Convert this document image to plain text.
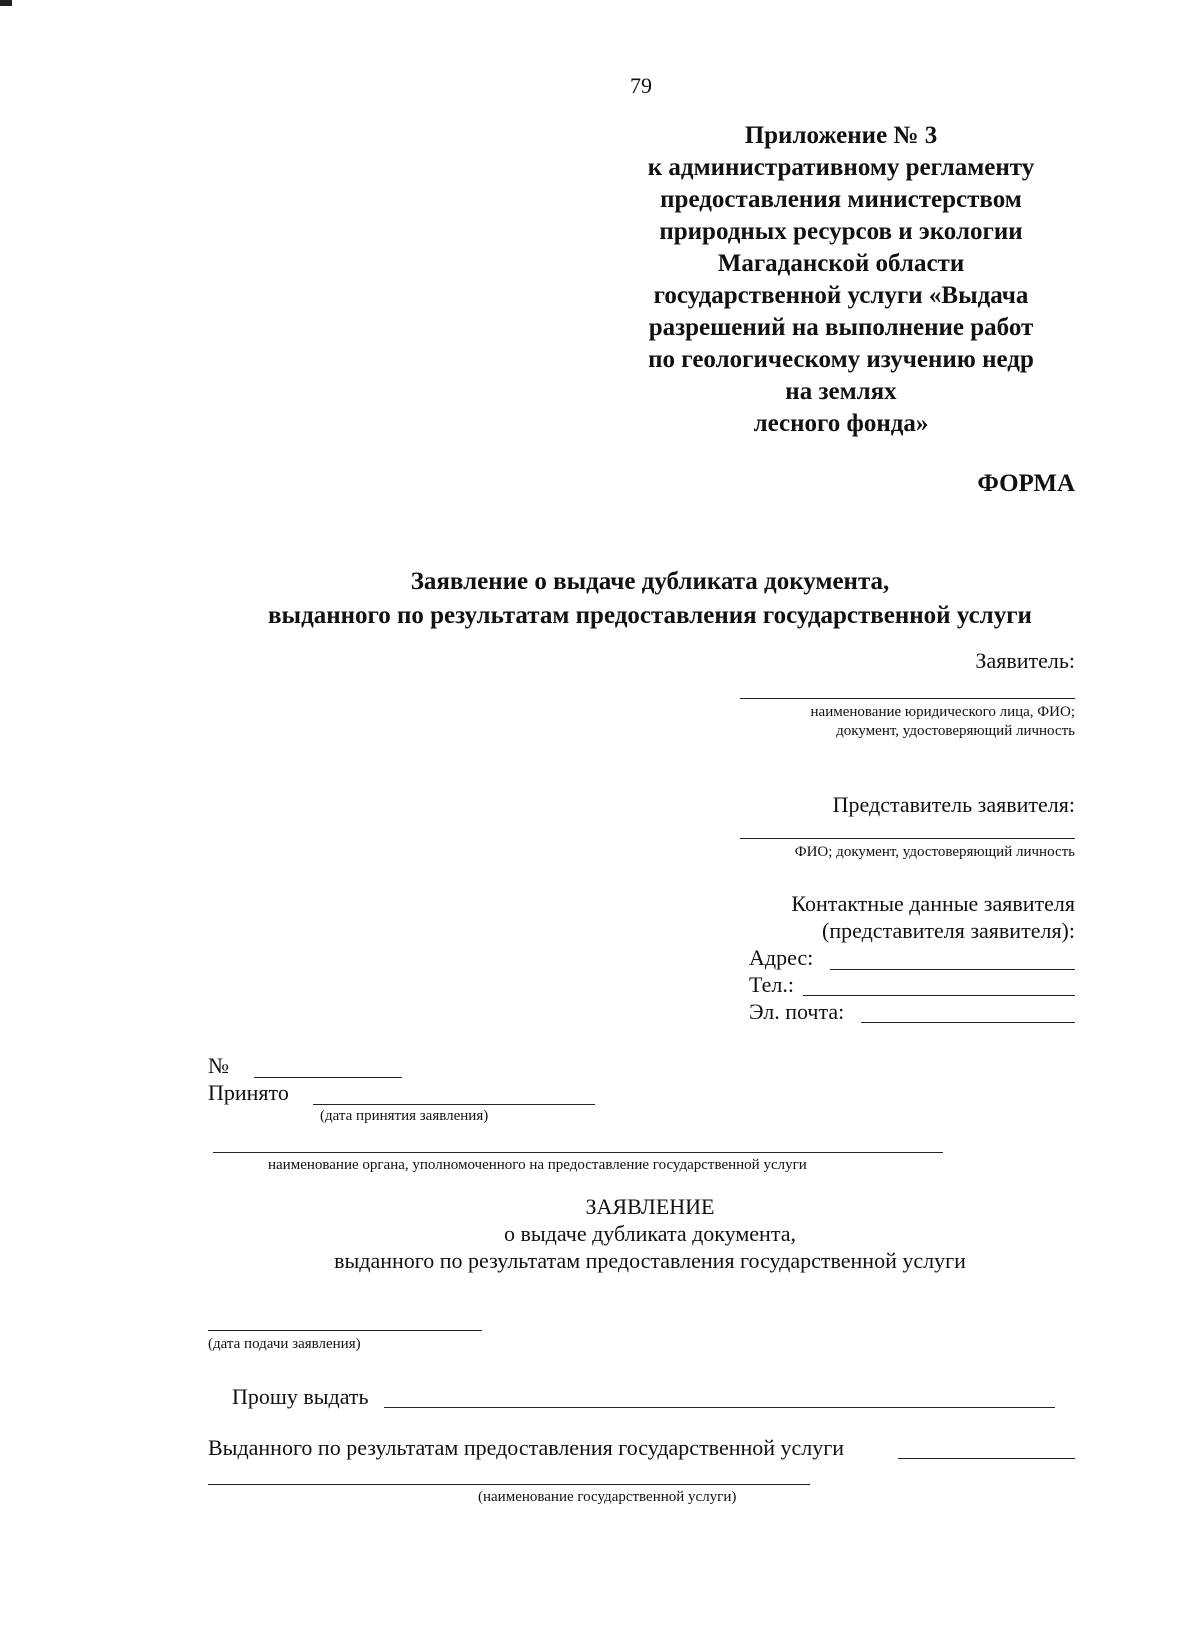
79
Приложение № 3
к административному регламенту
предоставления министерством
природных ресурсов и экологии
Магаданской области
государственной услуги «Выдача
разрешений на выполнение работ
по геологическому изучению недр
на землях
лесного фонда»
ФОРМА
Заявление о выдаче дубликата документа,
выданного по результатам предоставления государственной услуги
Заявитель:
наименование юридического лица, ФИО;
документ, удостоверяющий личность
Представитель заявителя:
ФИО; документ, удостоверяющий личность
Контактные данные заявителя
(представителя заявителя):
Адрес:
Тел.:
Эл. почта:
№
Принято
(дата принятия заявления)
наименование органа, уполномоченного на предоставление государственной услуги
ЗАЯВЛЕНИЕ
о выдаче дубликата документа,
выданного по результатам предоставления государственной услуги
(дата подачи заявления)
Прошу выдать
Выданного по результатам предоставления государственной услуги
(наименование государственной услуги)
